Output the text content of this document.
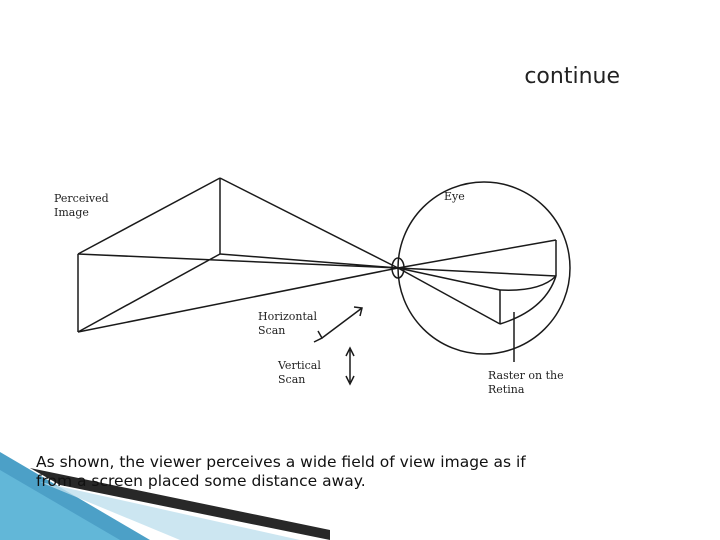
continue
Perceived
Image
Eye
Horizontal
Scan
Vertical
Scan	Raster on the
Retina
As shown, the viewer perceives a wide field of view image as if
from a screen placed some distance away.
